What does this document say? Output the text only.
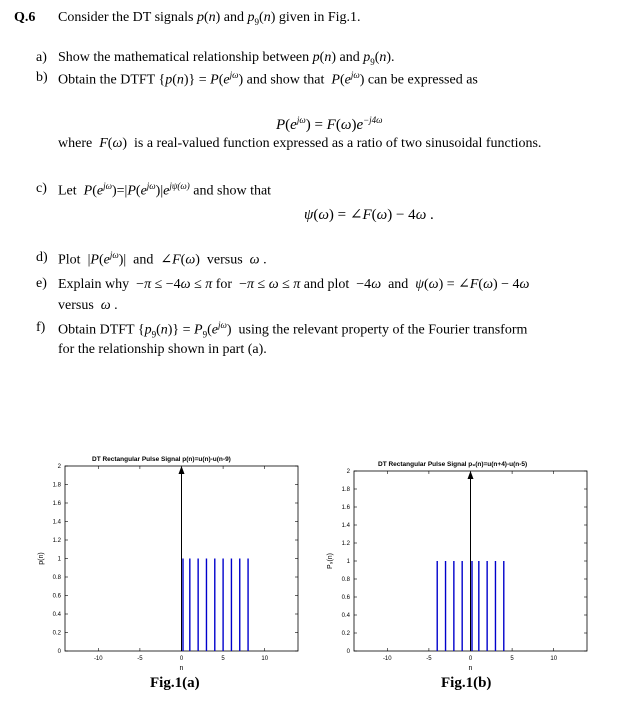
Q.6 Consider the DT signals p(n) and $p_9(n)$ given in Fig.1.
a) Show the mathematical relationship between p(n) and $p_9(n)$.
b) Obtain the DTFT $\{p(n)\} = P(e^{j\omega})$ and show that  $P(e^{j\omega})$ can be expressed as
$P(e^{j\omega}) = F(\omega)e^{-j4\omega}$
where  F(ω)  is a real-valued function expressed as a ratio of two sinusoidal functions.
c) Let  $P(e^{j\omega})=|P(e^{j\omega})|e^{j\psi(\omega)}$ and show that
ψ(ω) = ∠F(ω) − 4ω .
d) Plot  $|P(e^{j\omega})|$  and  ∠F(ω)  versus  ω .
e) Explain why  −π ≤ −4ω ≤ π for  −π ≤ ω ≤ π and plot  −4ω  and  ψ(ω) = ∠F(ω) − 4ω
versus  ω .
f) Obtain DTFT $\{p_9(n)\} = P_9(e^{j\omega})$  using the relevant property of the Fourier transform
for the relationship shown in part (a).
DT Rectangular Pulse Signal p(n)=u(n)-u(n-9)
0
0.2
0.4
0.6
0.8
1
1.2
1.4
1.6
1.8
2
-10	-5	0	5	10
n
p(n)
Fig.1(a)
DT Rectangular Pulse Signal p₉(n)=u(n+4)-u(n-5)
0
0.2
0.4
0.6
0.8
1
1.2
1.4
1.6
1.8
2
-10	-5	0	5	10
n
P₉(n)
Fig.1(b)
